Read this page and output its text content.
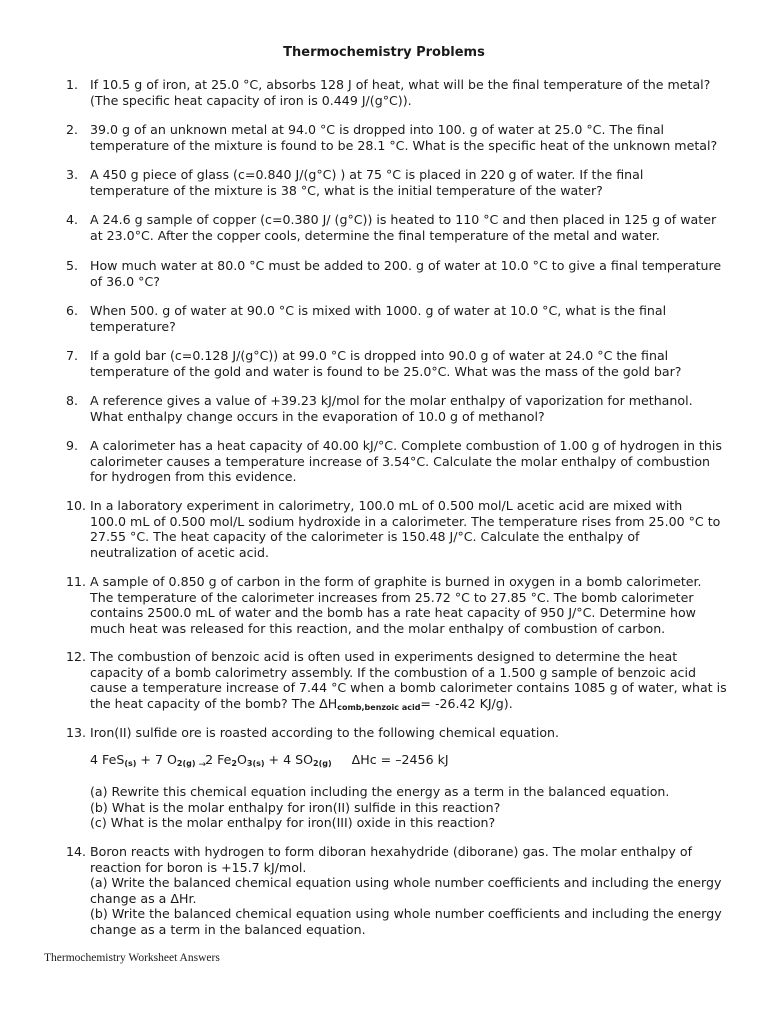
Thermochemistry Problems
1. If 10.5 g of iron, at 25.0 °C, absorbs 128 J of heat, what will be the final temperature of the metal?
(The specific heat capacity of iron is 0.449 J/(g°C)).
2. 39.0 g of an unknown metal at 94.0 °C is dropped into 100. g of water at 25.0 °C. The final
temperature of the mixture is found to be 28.1 °C. What is the specific heat of the unknown metal?
3. A 450 g piece of glass (c=0.840 J/(g°C) ) at 75 °C is placed in 220 g of water. If the final
temperature of the mixture is 38 °C, what is the initial temperature of the water?
4. A 24.6 g sample of copper (c=0.380 J/ (g°C)) is heated to 110 °C and then placed in 125 g of water
at 23.0°C. After the copper cools, determine the final temperature of the metal and water.
5. How much water at 80.0 °C must be added to 200. g of water at 10.0 °C to give a final temperature
of 36.0 °C?
6. When 500. g of water at 90.0 °C is mixed with 1000. g of water at 10.0 °C, what is the final
temperature?
7. If a gold bar (c=0.128 J/(g°C)) at 99.0 °C is dropped into 90.0 g of water at 24.0 °C the final
temperature of the gold and water is found to be 25.0°C. What was the mass of the gold bar?
8. A reference gives a value of +39.23 kJ/mol for the molar enthalpy of vaporization for methanol.
What enthalpy change occurs in the evaporation of 10.0 g of methanol?
9. A calorimeter has a heat capacity of 40.00 kJ/°C. Complete combustion of 1.00 g of hydrogen in this
calorimeter causes a temperature increase of 3.54°C. Calculate the molar enthalpy of combustion
for hydrogen from this evidence.
10. In a laboratory experiment in calorimetry, 100.0 mL of 0.500 mol/L acetic acid are mixed with
100.0 mL of 0.500 mol/L sodium hydroxide in a calorimeter. The temperature rises from 25.00 °C to
27.55 °C. The heat capacity of the calorimeter is 150.48 J/°C. Calculate the enthalpy of
neutralization of acetic acid.
11. A sample of 0.850 g of carbon in the form of graphite is burned in oxygen in a bomb calorimeter.
The temperature of the calorimeter increases from 25.72 °C to 27.85 °C. The bomb calorimeter
contains 2500.0 mL of water and the bomb has a rate heat capacity of 950 J/°C. Determine how
much heat was released for this reaction, and the molar enthalpy of combustion of carbon.
12. The combustion of benzoic acid is often used in experiments designed to determine the heat
capacity of a bomb calorimetry assembly. If the combustion of a 1.500 g sample of benzoic acid
cause a temperature increase of 7.44 °C when a bomb calorimeter contains 1085 g of water, what is
the heat capacity of the bomb? The ΔHcomb,benzoic acid= -26.42 KJ/g).
13. Iron(II) sulfide ore is roasted according to the following chemical equation.
4 FeS$_{(s)}$ + 7 $O_{2(g)} \to 2$ $Fe_2O_{3(s)} + 4$ $SO_{2(g)}$ ΔHc = –2456 kJ
(a) Rewrite this chemical equation including the energy as a term in the balanced equation.
(b) What is the molar enthalpy for iron(II) sulfide in this reaction?
(c) What is the molar enthalpy for iron(III) oxide in this reaction?
14. Boron reacts with hydrogen to form diboran hexahydride (diborane) gas. The molar enthalpy of
reaction for boron is +15.7 kJ/mol.
(a) Write the balanced chemical equation using whole number coefficients and including the energy
change as a ΔHr.
(b) Write the balanced chemical equation using whole number coefficients and including the energy
change as a term in the balanced equation.
Thermochemistry Worksheet Answers
